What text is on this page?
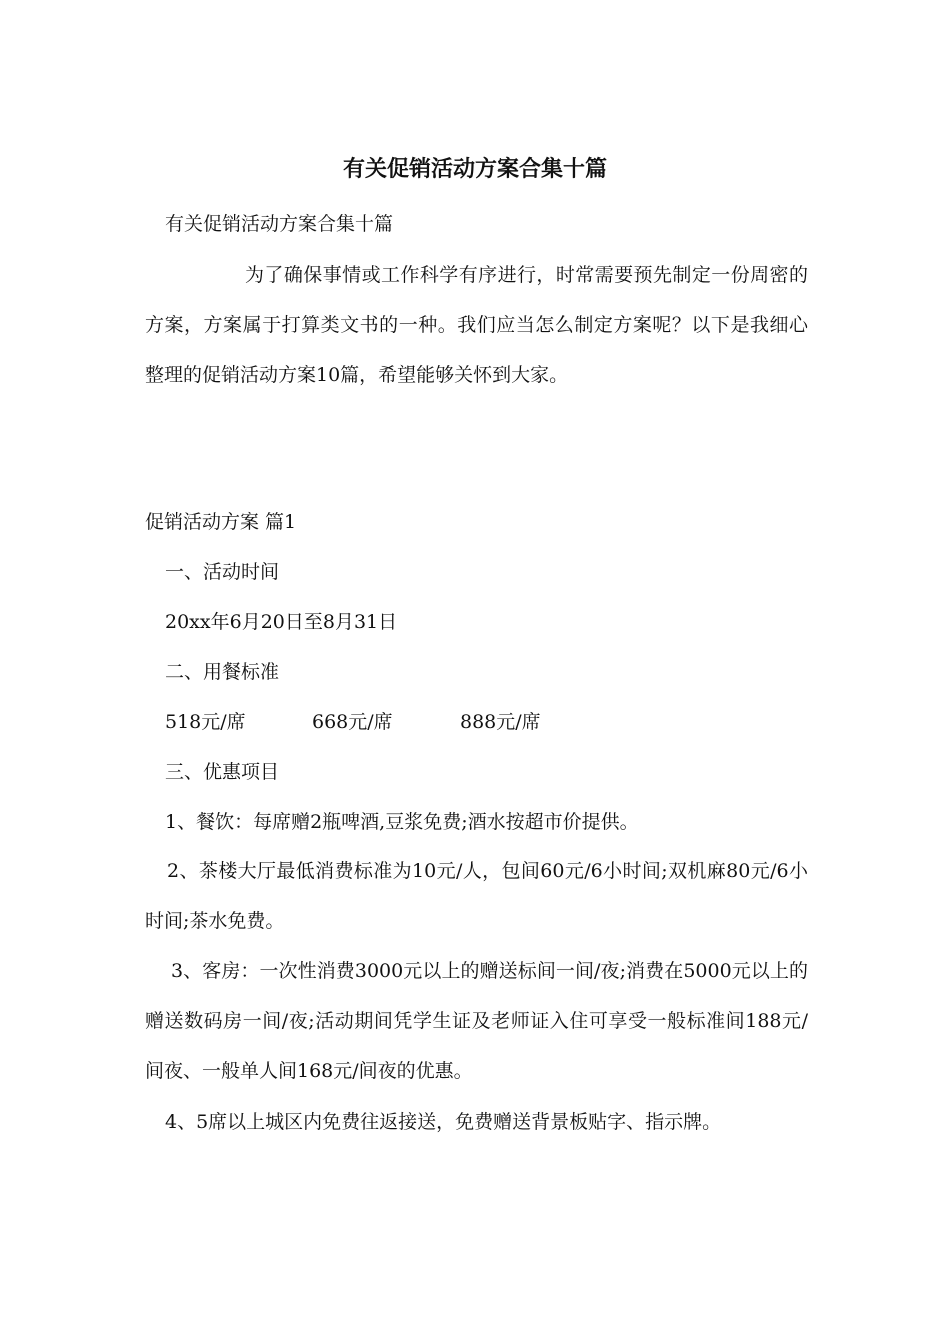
有关促销活动方案合集十篇
有关促销活动方案合集十篇
为了确保事情或工作科学有序进行，时常需要预先制定一份周密的方案，方案属于打算类文书的一种。我们应当怎么制定方案呢？以下是我细心整理的促销活动方案10篇，希望能够关怀到大家。
促销活动方案 篇1
一、活动时间
20xx年6月20日至8月31日
二、用餐标准
518元/席	668元/席	888元/席
三、优惠项目
1、餐饮：每席赠2瓶啤酒,豆浆免费;酒水按超市价提供。
2、茶楼大厅最低消费标准为10元/人，包间60元/6小时间;双机麻80元/6小时间;茶水免费。
3、客房：一次性消费3000元以上的赠送标间一间/夜;消费在5000元以上的赠送数码房一间/夜;活动期间凭学生证及老师证入住可享受一般标准间188元/间夜、一般单人间168元/间夜的优惠。
4、5席以上城区内免费往返接送，免费赠送背景板贴字、指示牌。
